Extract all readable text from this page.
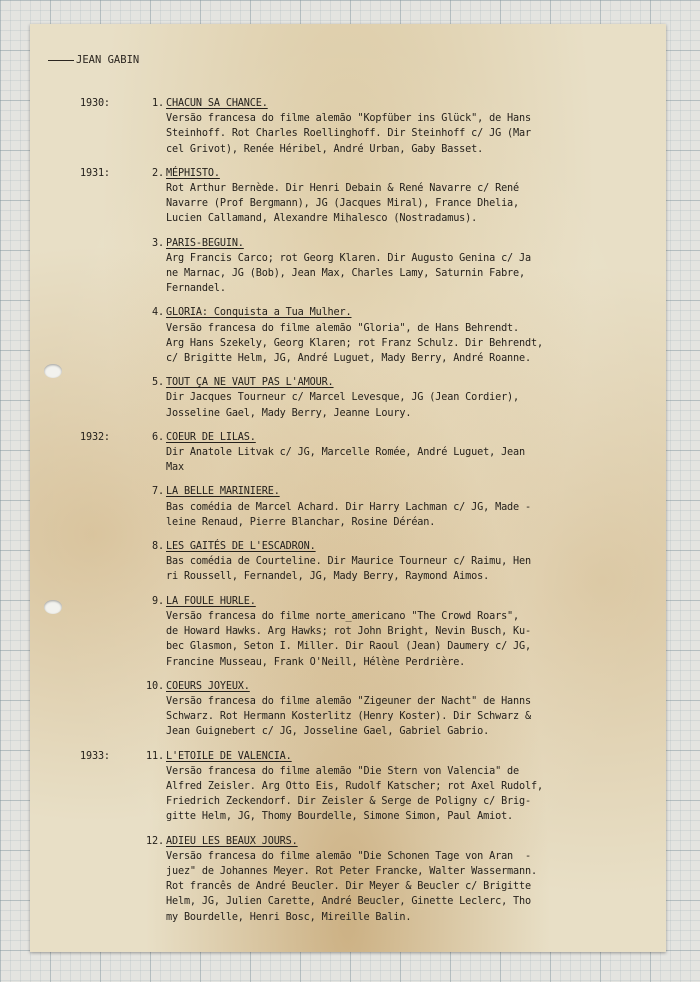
JEAN GABIN
1930:	1. CHACUN SA CHANCE.
Versão francesa do filme alemão "Kopfüber ins Glück", de Hans
Steinhoff. Rot Charles Roellinghoff. Dir Steinhoff c/ JG (Mar
cel Grivot), Renée Héribel, André Urban, Gaby Basset.
1931:	2. MÉPHISTO.
Rot Arthur Bernède. Dir Henri Debain & René Navarre c/ René
Navarre (Prof Bergmann), JG (Jacques Miral), France Dhelia,
Lucien Callamand, Alexandre Mihalesco (Nostradamus).
3. PARIS-BEGUIN.
Arg Francis Carco; rot Georg Klaren. Dir Augusto Genina c/ Ja
ne Marnac, JG (Bob), Jean Max, Charles Lamy, Saturnin Fabre,
Fernandel.
4. GLORIA: Conquista a Tua Mulher.
Versão francesa do filme alemão "Gloria", de Hans Behrendt.
Arg Hans Szekely, Georg Klaren; rot Franz Schulz. Dir Behrendt,
c/ Brigitte Helm, JG, André Luguet, Mady Berry, André Roanne.
5. TOUT ÇA NE VAUT PAS L'AMOUR.
Dir Jacques Tourneur c/ Marcel Levesque, JG (Jean Cordier),
Josseline Gael, Mady Berry, Jeanne Loury.
1932:	6. COEUR DE LILAS.
Dir Anatole Litvak c/ JG, Marcelle Romée, André Luguet, Jean
Max
7. LA BELLE MARINIERE.
Bas comédia de Marcel Achard. Dir Harry Lachman c/ JG, Made -
leine Renaud, Pierre Blanchar, Rosine Déréan.
8. LES GAITÉS DE L'ESCADRON.
Bas comédia de Courteline. Dir Maurice Tourneur c/ Raimu, Hen
ri Roussell, Fernandel, JG, Mady Berry, Raymond Aimos.
9. LA FOULE HURLE.
Versão francesa do filme norte_americano "The Crowd Roars",
de Howard Hawks. Arg Hawks; rot John Bright, Nevin Busch, Ku-
bec Glasmon, Seton I. Miller. Dir Raoul (Jean) Daumery c/ JG,
Francine Musseau, Frank O'Neill, Hélène Perdrière.
10. COEURS JOYEUX.
Versão francesa do filme alemão "Zigeuner der Nacht" de Hanns
Schwarz. Rot Hermann Kosterlitz (Henry Koster). Dir Schwarz &
Jean Guignebert c/ JG, Josseline Gael, Gabriel Gabrio.
1933:	11. L'ETOILE DE VALENCIA.
Versão francesa do filme alemão "Die Stern von Valencia" de
Alfred Zeisler. Arg Otto Eis, Rudolf Katscher; rot Axel Rudolf,
Friedrich Zeckendorf. Dir Zeisler & Serge de Poligny c/ Brig-
gitte Helm, JG, Thomy Bourdelle, Simone Simon, Paul Amiot.
12. ADIEU LES BEAUX JOURS.
Versão francesa do filme alemão "Die Schonen Tage von Aran  -
juez" de Johannes Meyer. Rot Peter Francke, Walter Wassermann.
Rot francês de André Beucler. Dir Meyer & Beucler c/ Brigitte
Helm, JG, Julien Carette, André Beucler, Ginette Leclerc, Tho
my Bourdelle, Henri Bosc, Mireille Balin.
